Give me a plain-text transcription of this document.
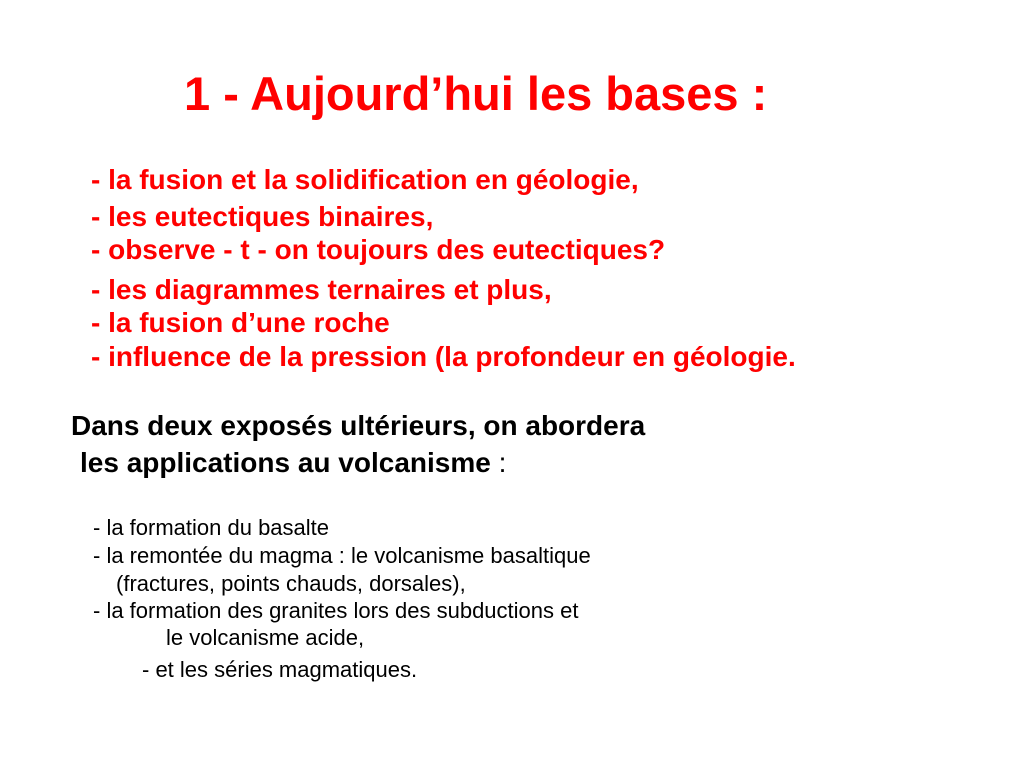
1 - Aujourd’hui les bases :
- la fusion et la solidification en géologie,
- les eutectiques binaires,
- observe - t - on toujours des eutectiques?
- les diagrammes ternaires et plus,
- la fusion d’une roche
- influence de la pression (la profondeur en géologie.
Dans deux exposés ultérieurs, on abordera
les applications au volcanisme :
- la formation du basalte
- la remontée du magma : le volcanisme basaltique
(fractures, points chauds, dorsales),
- la formation des granites lors des subductions et
le volcanisme acide,
- et les séries magmatiques.
